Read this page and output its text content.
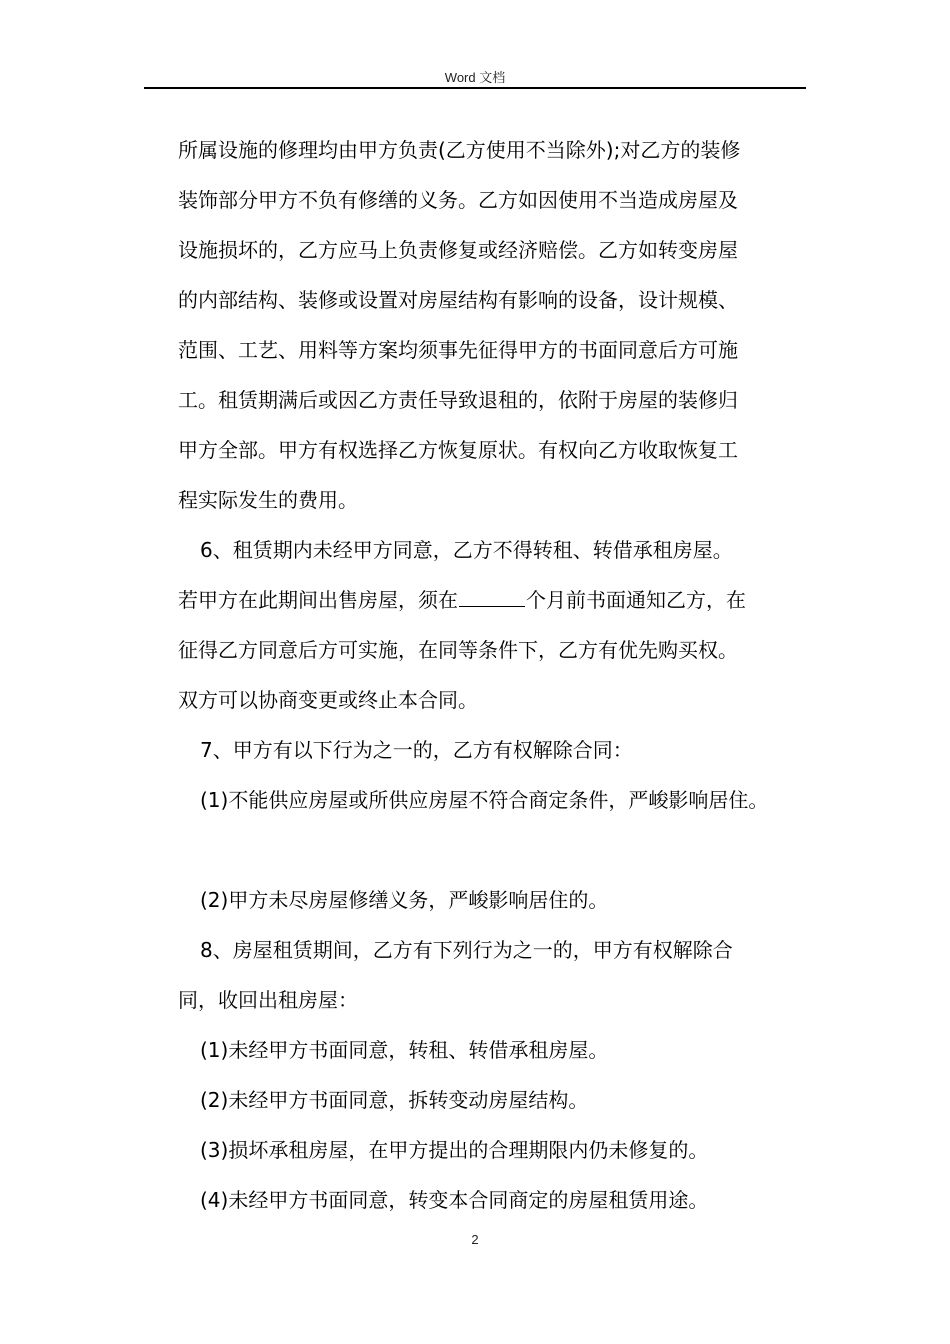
Word 文档
所属设施的修理均由甲方负责(乙方使用不当除外);对乙方的装修
装饰部分甲方不负有修缮的义务。乙方如因使用不当造成房屋及
设施损坏的，乙方应马上负责修复或经济赔偿。乙方如转变房屋
的内部结构、装修或设置对房屋结构有影响的设备，设计规模、
范围、工艺、用料等方案均须事先征得甲方的书面同意后方可施
工。租赁期满后或因乙方责任导致退租的，依附于房屋的装修归
甲方全部。甲方有权选择乙方恢复原状。有权向乙方收取恢复工
程实际发生的费用。
6、租赁期内未经甲方同意，乙方不得转租、转借承租房屋。
若甲方在此期间出售房屋，须在	个月前书面通知乙方，在
征得乙方同意后方可实施，在同等条件下，乙方有优先购买权。
双方可以协商变更或终止本合同。
7、甲方有以下行为之一的，乙方有权解除合同：
(1)不能供应房屋或所供应房屋不符合商定条件，严峻影响居住。
(2)甲方未尽房屋修缮义务，严峻影响居住的。
8、房屋租赁期间，乙方有下列行为之一的，甲方有权解除合
同，收回出租房屋：
(1)未经甲方书面同意，转租、转借承租房屋。
(2)未经甲方书面同意，拆转变动房屋结构。
(3)损坏承租房屋，在甲方提出的合理期限内仍未修复的。
(4)未经甲方书面同意，转变本合同商定的房屋租赁用途。
2
